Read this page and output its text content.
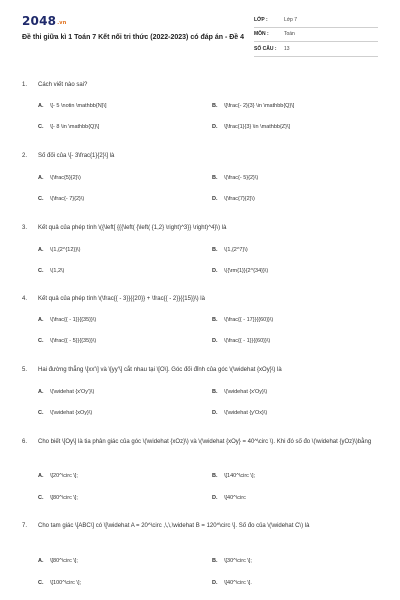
2048.vn
Đề thi giữa kì 1 Toán 7 Kết nối tri thức (2022-2023) có đáp án - Đề 4
LỚP :	Lớp 7
MÔN :	Toán
SỐ CÂU :	13
1.	Cách viết nào sai?
A. \[- 5 \notin \mathbb{N}\]	B. \[\frac{- 2}{3} \in \mathbb{Q}\]
C. \[- 8 \in \mathbb{Q}\]	D. \[\frac{1}{3} \in \mathbb{Z}\]
2.	Số đối của \[- 3\frac{1}{2}\] là
A. \(\frac{5}{2}\)	B. \(\frac{- 5}{2}\)
C. \(\frac{- 7}{2}\)	D. \(\frac{7}{2}\)
3.	Kết quả của phép tính \({\left[ {{{\left( {\left( {1,2} \right)^3}} \right)^4}\) là
A. \(1,{2^{12}}\)	B. \(1,{2^7}\)
C. \(1,2\)	D. \({\rm{1}}{2^{34}}\)
4.	Kết quả của phép tính \(\frac{{ - 3}}{{20}} + \frac{{ - 2}}{{15}}\) là
A. \(\frac{{ - 1}}{{35}}\)	B. \(\frac{{ - 17}}{{60}}\)
C. \(\frac{{ - 5}}{{35}}\)	D. \(\frac{{ - 1}}{{60}}\)
5.	Hai đường thẳng \[xx'\] và \[yy'\] cắt nhau tại \[O\]. Góc đối đỉnh của góc \(\widehat {xOy}\) là
A. \(\widehat {x'Oy'}\)	B. \(\widehat {x'Oy}\)
C. \(\widehat {xOy}\)	D. \(\widehat {y'Ox}\)
6.	Cho biết \[Oy\] là tia phân giác của góc \(\widehat {xOz}\) và \(\widehat {xOy} = 40^\circ \). Khi đó số đo \(\widehat {yOz}\)bằng
A. \[20^\circ \];	B. \[140^\circ \];
C. \[80^\circ \];	D. \[40^\circ
7.	Cho tam giác \[ABC\] có \[\widehat A = 20^\circ ,\,\,\widehat B = 120^\circ \]. Số đo của \(\widehat C\) là
A. \[80^\circ \];	B. \[30^\circ \];
C. \[100^\circ \];	D. \[40^\circ \].
